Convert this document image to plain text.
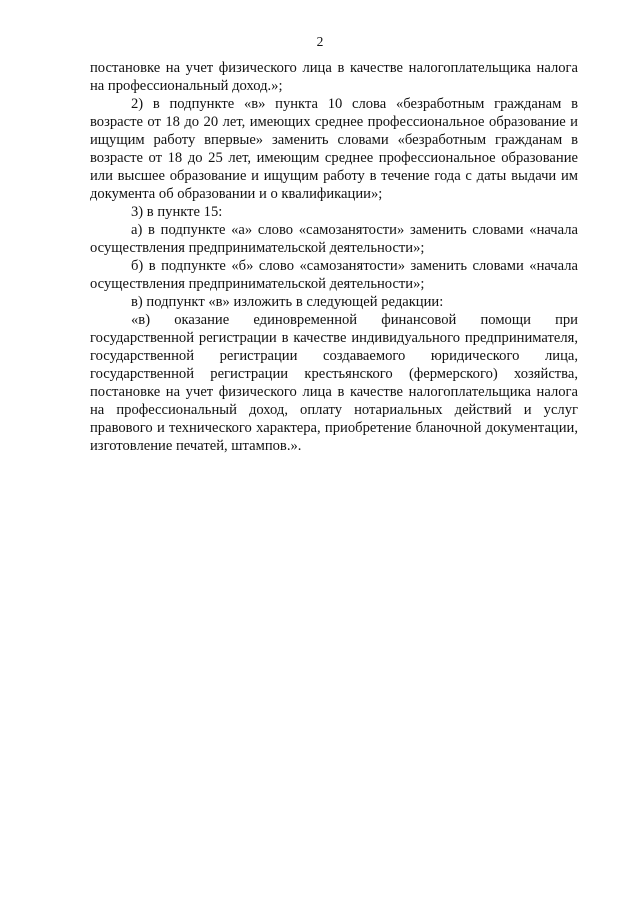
2

постановке на учет физического лица в качестве налогоплательщика налога на профессиональный доход.»;

2) в подпункте «в» пункта 10 слова «безработным гражданам в возрасте от 18 до 20 лет, имеющих среднее профессиональное образование и ищущим работу впервые» заменить словами «безработным гражданам в возрасте от 18 до 25 лет, имеющим среднее профессиональное образование или высшее образование и ищущим работу в течение года с даты выдачи им документа об образовании и о квалификации»;

3) в пункте 15:

а) в подпункте «а» слово «самозанятости» заменить словами «начала осуществления предпринимательской деятельности»;

б) в подпункте «б» слово «самозанятости» заменить словами «начала осуществления предпринимательской деятельности»;

в) подпункт «в» изложить в следующей редакции:

«в) оказание единовременной финансовой помощи при государственной регистрации в качестве индивидуального предпринимателя, государственной регистрации создаваемого юридического лица, государственной регистрации крестьянского (фермерского) хозяйства, постановке на учет физического лица в качестве налогоплательщика налога на профессиональный доход, оплату нотариальных действий и услуг правового и технического характера, приобретение бланочной документации, изготовление печатей, штампов.».
